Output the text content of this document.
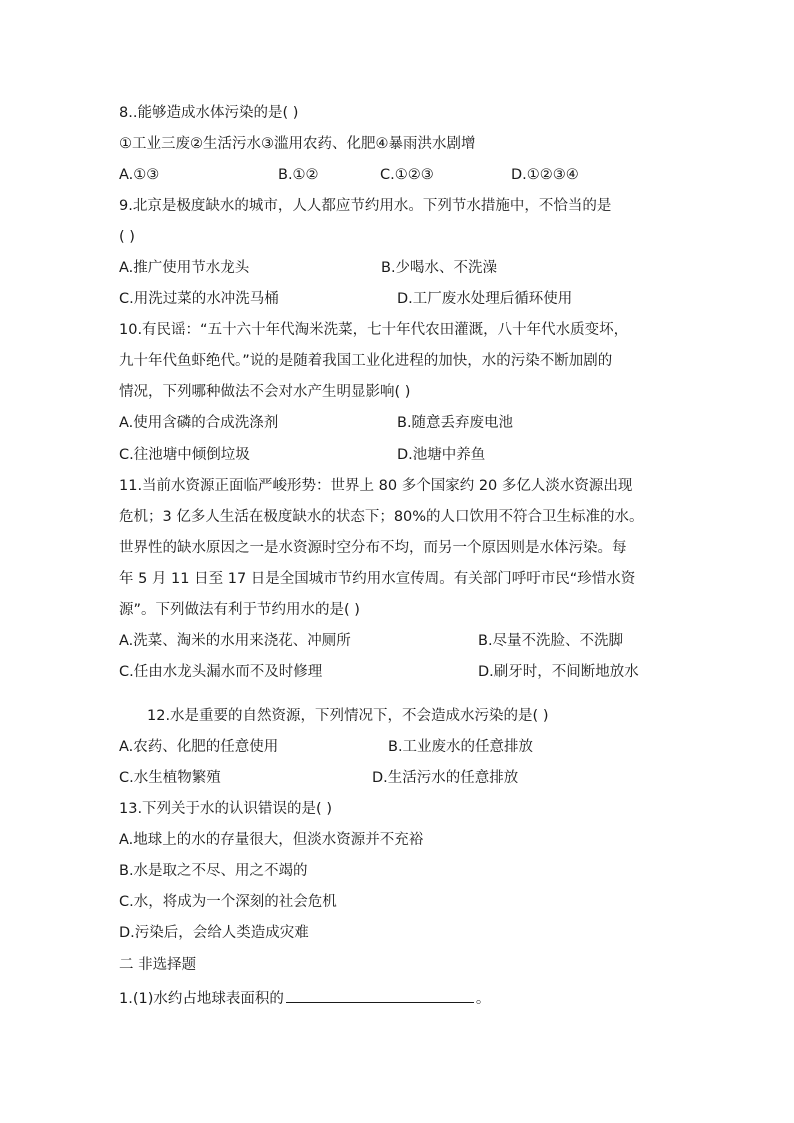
8..能够造成水体污染的是( )
①工业三废②生活污水③滥用农药、化肥④暴雨洪水剧增
A.①③	B.①②	C.①②③	D.①②③④
9.北京是极度缺水的城市，人人都应节约用水。下列节水措施中，不恰当的是
( )
A.推广使用节水龙头	B.少喝水、不洗澡
C.用洗过菜的水冲洗马桶	D.工厂废水处理后循环使用
10.有民谣：“五十六十年代淘米洗菜，七十年代农田灌溉，八十年代水质变坏，
九十年代鱼虾绝代。”说的是随着我国工业化进程的加快，水的污染不断加剧的
情况，下列哪种做法不会对水产生明显影响( )
A.使用含磷的合成洗涤剂	B.随意丢弃废电池
C.往池塘中倾倒垃圾	D.池塘中养鱼
11.当前水资源正面临严峻形势：世界上 80 多个国家约 20 多亿人淡水资源出现
危机；3 亿多人生活在极度缺水的状态下；80%的人口饮用不符合卫生标准的水。
世界性的缺水原因之一是水资源时空分布不均，而另一个原因则是水体污染。每
年 5 月 11 日至 17 日是全国城市节约用水宣传周。有关部门呼吁市民“珍惜水资
源”。下列做法有利于节约用水的是( )
A.洗菜、淘米的水用来浇花、冲厕所	B.尽量不洗脸、不洗脚
C.任由水龙头漏水而不及时修理	D.刷牙时，不间断地放水
12.水是重要的自然资源，下列情况下，不会造成水污染的是( )
A.农药、化肥的任意使用	B.工业废水的任意排放
C.水生植物繁殖	D.生活污水的任意排放
13.下列关于水的认识错误的是( )
A.地球上的水的存量很大，但淡水资源并不充裕
B.水是取之不尽、用之不竭的
C.水，将成为一个深刻的社会危机
D.污染后，会给人类造成灾难
二 非选择题
1.(1)水约占地球表面积的	。
